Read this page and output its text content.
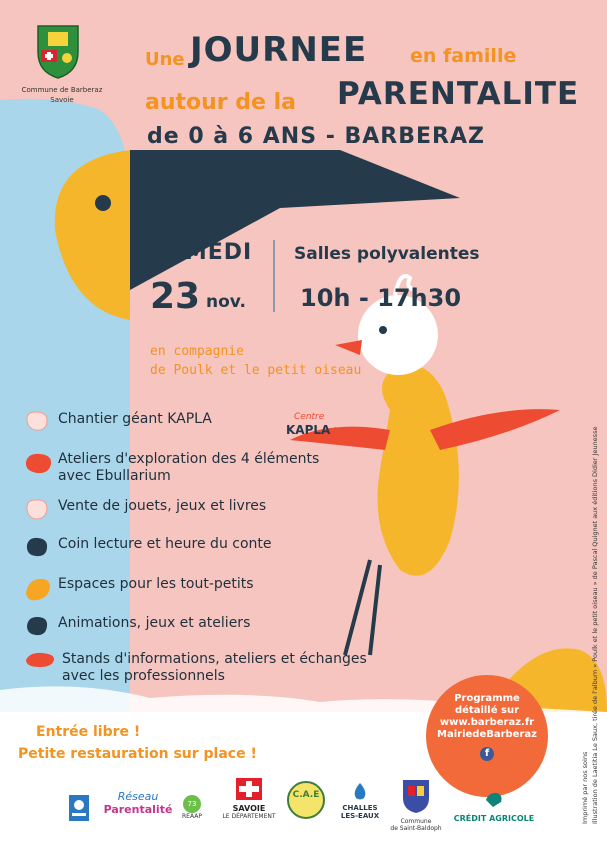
Commune de Barberaz
Savoie
Une JOURNEE en famille
autour de la PARENTALITE
de 0 à 6 ANS - BARBERAZ
SAMEDI
23 nov.
Salles polyvalentes
10h - 17h30
en compagnie
de Poulk et le petit oiseau
Chantier géant KAPLA	Centre
KAPLA Lyon
Ateliers d'exploration des 4 éléments
avec Ebullarium
Vente de jouets, jeux et livres
Coin lecture et heure du conte
Espaces pour les tout-petits
Animations, jeux et ateliers
Stands d'informations, ateliers et échanges
avec les professionnels
Entrée libre !
Petite restauration sur place !
Programme
détaillé sur
www.barberaz.fr
MairiedeBarberaz
f	Imprimé par nos soins Illustration de Laetitia Le Saux, tirée de l'album « Poulk et le petit oiseau » de Pascal Quignet aux éditions Didier Jeunesse
Réseau
Parentalité	73
REAAP
SAVOIE
LE DÉPARTEMENT
C.A.E
CHALLES
LES-EAUX
Commune
de Saint-Baldoph
CRÉDIT AGRICOLE
